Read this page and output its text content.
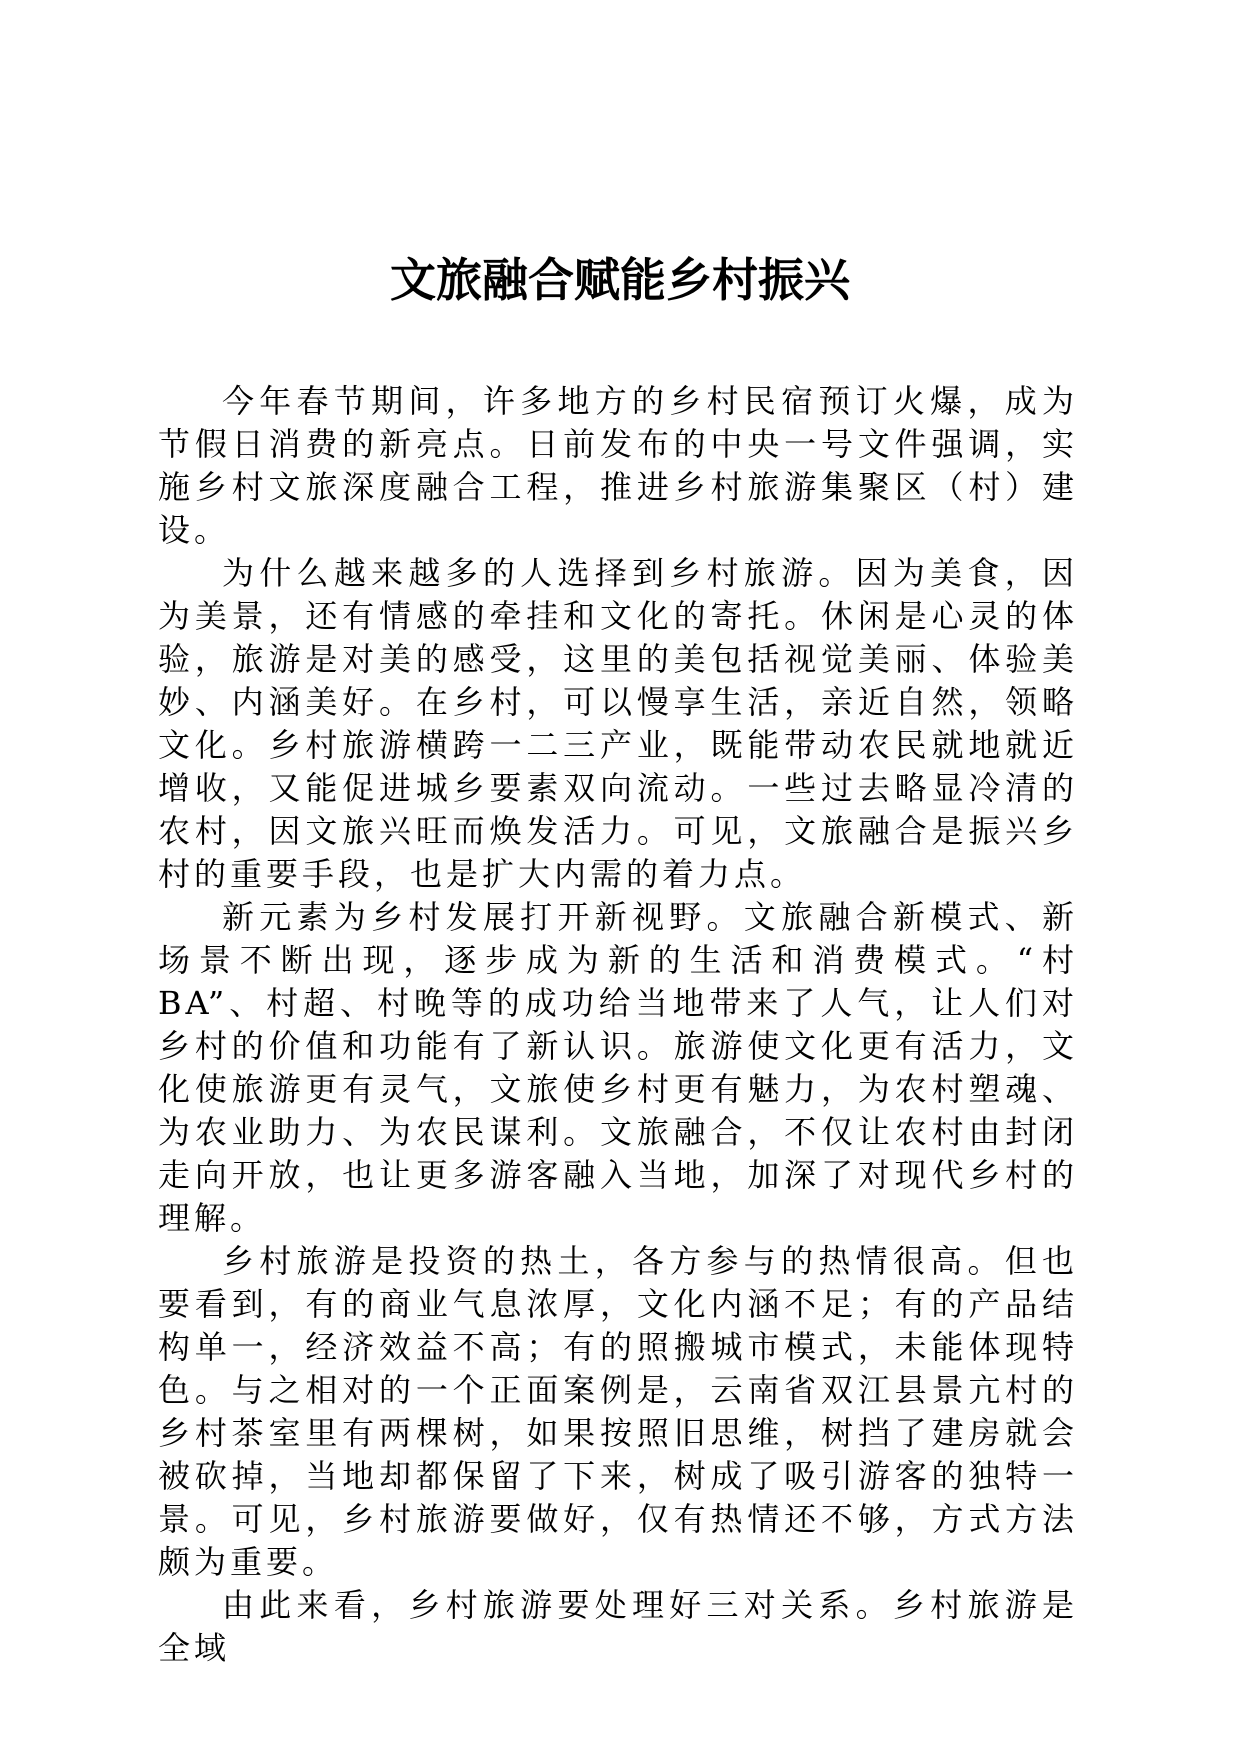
文旅融合赋能乡村振兴

今年春节期间，许多地方的乡村民宿预订火爆，成为节假日消费的新亮点。日前发布的中央一号文件强调，实施乡村文旅深度融合工程，推进乡村旅游集聚区（村）建设。

为什么越来越多的人选择到乡村旅游。因为美食，因为美景，还有情感的牵挂和文化的寄托。休闲是心灵的体验，旅游是对美的感受，这里的美包括视觉美丽、体验美妙、内涵美好。在乡村，可以慢享生活，亲近自然，领略文化。乡村旅游横跨一二三产业，既能带动农民就地就近增收，又能促进城乡要素双向流动。一些过去略显冷清的农村，因文旅兴旺而焕发活力。可见，文旅融合是振兴乡村的重要手段，也是扩大内需的着力点。

新元素为乡村发展打开新视野。文旅融合新模式、新场景不断出现，逐步成为新的生活和消费模式。“村 BA”、村超、村晚等的成功给当地带来了人气，让人们对乡村的价值和功能有了新认识。旅游使文化更有活力，文化使旅游更有灵气，文旅使乡村更有魅力，为农村塑魂、为农业助力、为农民谋利。文旅融合，不仅让农村由封闭走向开放，也让更多游客融入当地，加深了对现代乡村的理解。

乡村旅游是投资的热土，各方参与的热情很高。但也要看到，有的商业气息浓厚，文化内涵不足；有的产品结构单一，经济效益不高；有的照搬城市模式，未能体现特色。与之相对的一个正面案例是，云南省双江县景亢村的乡村茶室里有两棵树，如果按照旧思维，树挡了建房就会被砍掉，当地却都保留了下来，树成了吸引游客的独特一景。可见，乡村旅游要做好，仅有热情还不够，方式方法颇为重要。

由此来看，乡村旅游要处理好三对关系。乡村旅游是全域
